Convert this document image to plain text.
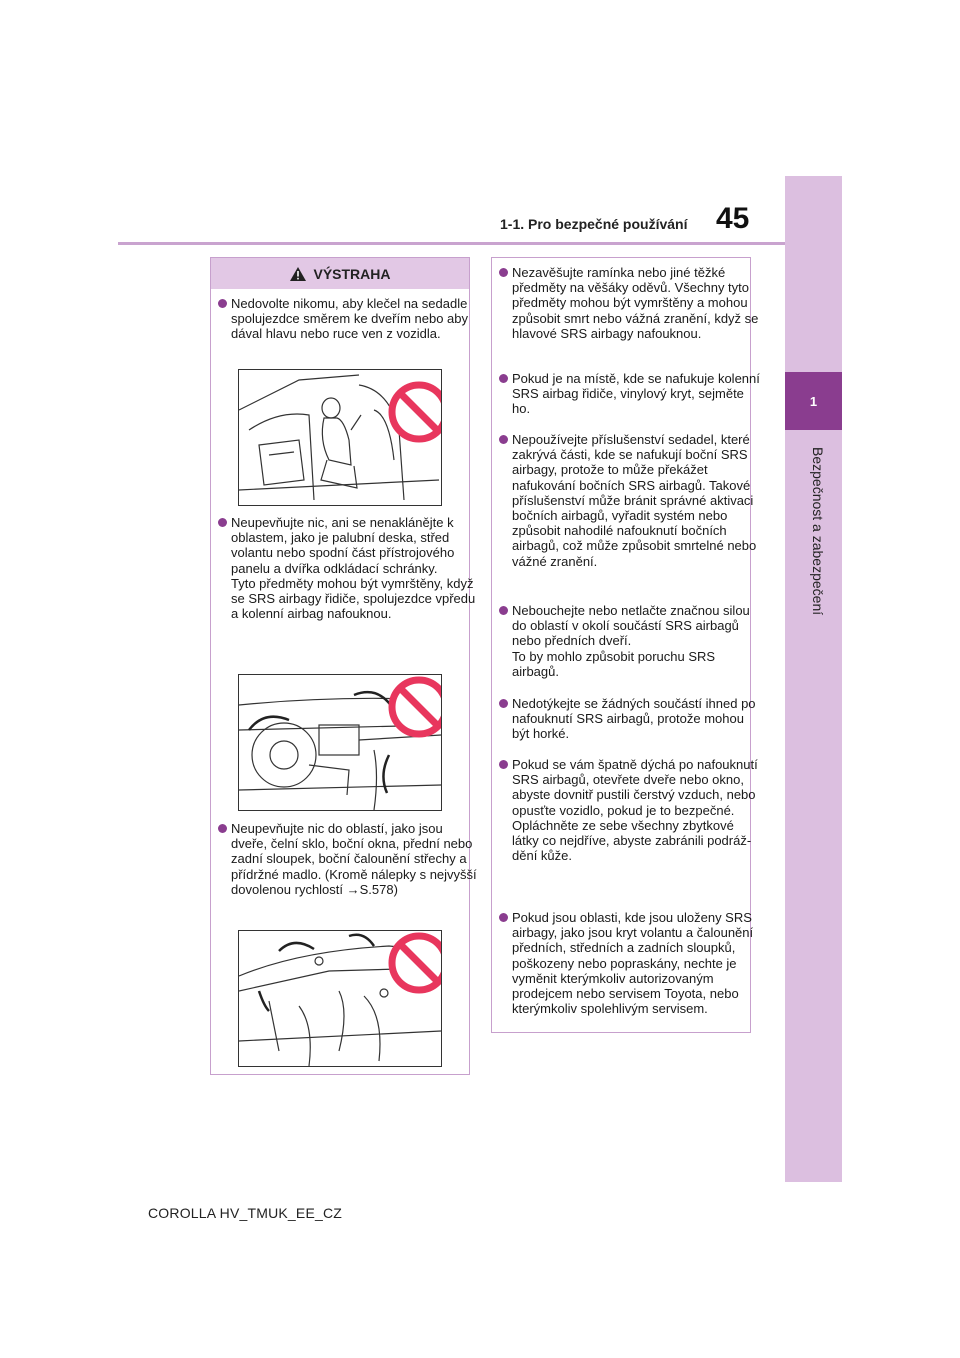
45
1-1. Pro bezpečné používání
1
Bezpečnost a zabezpečení
VÝSTRAHA
Nedovolte nikomu, aby klečel na sedadle spolujezdce směrem ke dveřím nebo aby dával hlavu nebo ruce ven z vozidla.
Neupevňujte nic, ani se nenaklánějte k oblastem, jako je palubní deska, střed volantu nebo spodní část přístrojového panelu a dvířka odkládací schránky.
Tyto předměty mohou být vymrštěny, když se SRS airbagy řidiče, spolujezdce vpředu a kolenní airbag nafouknou.
Neupevňujte nic do oblastí, jako jsou dveře, čelní sklo, boční okna, přední nebo zadní sloupek, boční čalounění střechy a přídržné madlo. (Kromě nálepky s nejvyšší dovolenou rychlostí →S.578)
Nezavěšujte ramínka nebo jiné těžké předměty na věšáky oděvů. Všechny tyto předměty mohou být vymrštěny a mohou způsobit smrt nebo vážná zranění, když se hlavové SRS airbagy nafouknou.
Pokud je na místě, kde se nafukuje kolenní SRS airbag řidiče, vinylový kryt, sejměte ho.
Nepoužívejte příslušenství sedadel, které zakrývá části, kde se nafukují boční SRS airbagy, protože to může překážet nafukování bočních SRS airbagů. Takové příslušenství může bránit správné aktivaci bočních airbagů, vyřadit systém nebo způsobit nahodilé nafouknutí bočních airbagů, což může způsobit smrtelné nebo vážné zranění.
Nebouchejte nebo netlačte značnou silou do oblastí v okolí součástí SRS airbagů nebo předních dveří.
To by mohlo způsobit poruchu SRS airbagů.
Nedotýkejte se žádných součástí ihned po nafouknutí SRS airbagů, protože mohou být horké.
Pokud se vám špatně dýchá po nafouknutí SRS airbagů, otevřete dveře nebo okno, abyste dovnitř pustili čerstvý vzduch, nebo opusťte vozidlo, pokud je to bezpečné. Opláchněte ze sebe všechny zbytkové látky co nejdříve, abyste zabránili podráždění kůže.
Pokud jsou oblasti, kde jsou uloženy SRS airbagy, jako jsou kryt volantu a čalounění předních, středních a zadních sloupků, poškozeny nebo popraskány, nechte je vyměnit kterýmkoliv autorizovaným prodejcem nebo servisem Toyota, nebo kterýmkoliv spolehlivým servisem.
COROLLA HV_TMUK_EE_CZ
